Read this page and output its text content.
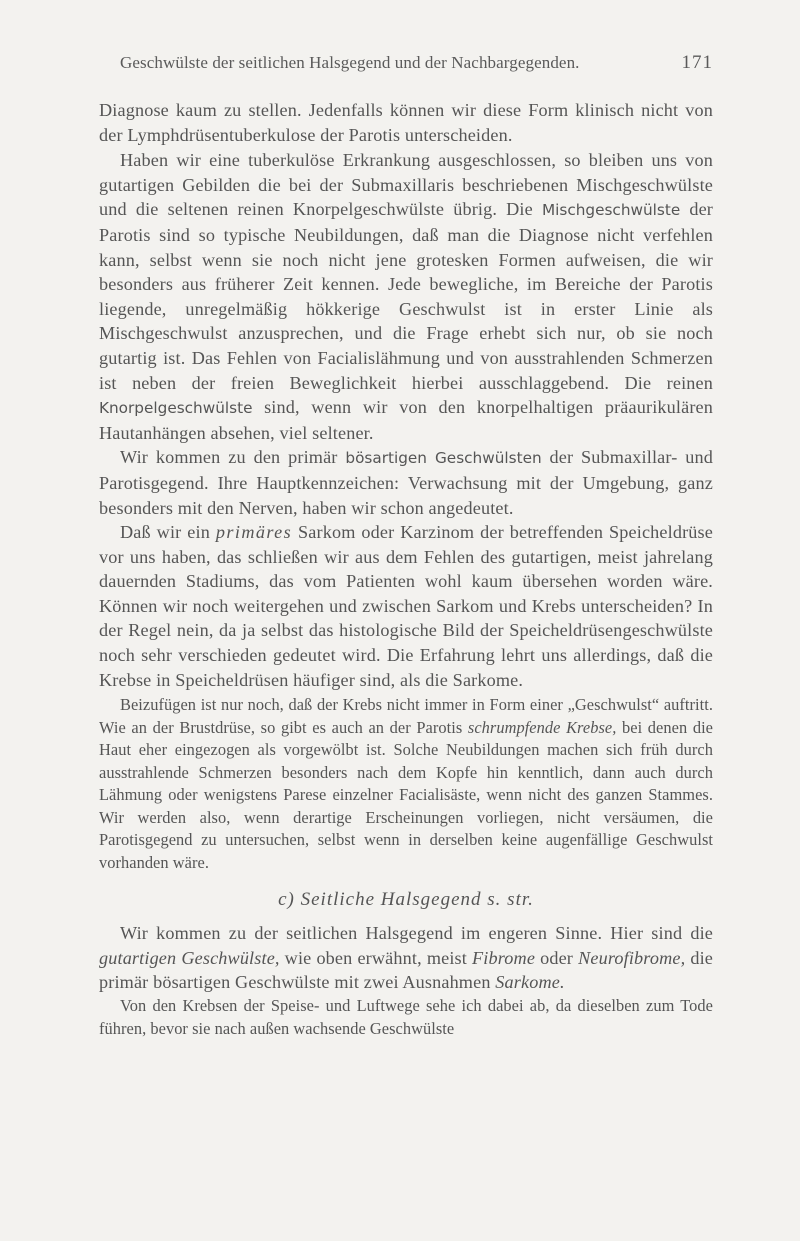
Geschwülste der seitlichen Halsgegend und der Nachbargegenden.	171

Diagnose kaum zu stellen. Jedenfalls können wir diese Form klinisch nicht von der Lymphdrüsentuberkulose der Parotis unterscheiden.

Haben wir eine tuberkulöse Erkrankung ausgeschlossen, so bleiben uns von gutartigen Gebilden die bei der Submaxillaris beschriebenen Mischgeschwülste und die seltenen reinen Knorpelgeschwülste übrig. Die Mischgeschwülste der Parotis sind so typische Neubildungen, daß man die Diagnose nicht verfehlen kann, selbst wenn sie noch nicht jene grotesken Formen aufweisen, die wir besonders aus früherer Zeit kennen. Jede bewegliche, im Bereiche der Parotis liegende, unregelmäßig hökkerige Geschwulst ist in erster Linie als Mischgeschwulst anzusprechen, und die Frage erhebt sich nur, ob sie noch gutartig ist. Das Fehlen von Facialislähmung und von ausstrahlenden Schmerzen ist neben der freien Beweglichkeit hierbei ausschlaggebend. Die reinen Knorpelgeschwülste sind, wenn wir von den knorpelhaltigen präaurikulären Hautanhängen absehen, viel seltener.

Wir kommen zu den primär bösartigen Geschwülsten der Submaxillar- und Parotisgegend. Ihre Hauptkennzeichen: Verwachsung mit der Umgebung, ganz besonders mit den Nerven, haben wir schon angedeutet.

Daß wir ein primäres Sarkom oder Karzinom der betreffenden Speicheldrüse vor uns haben, das schließen wir aus dem Fehlen des gutartigen, meist jahrelang dauernden Stadiums, das vom Patienten wohl kaum übersehen worden wäre. Können wir noch weitergehen und zwischen Sarkom und Krebs unterscheiden? In der Regel nein, da ja selbst das histologische Bild der Speicheldrüsengeschwülste noch sehr verschieden gedeutet wird. Die Erfahrung lehrt uns allerdings, daß die Krebse in Speicheldrüsen häufiger sind, als die Sarkome.

Beizufügen ist nur noch, daß der Krebs nicht immer in Form einer „Geschwulst“ auftritt. Wie an der Brustdrüse, so gibt es auch an der Parotis schrumpfende Krebse, bei denen die Haut eher eingezogen als vorgewölbt ist. Solche Neubildungen machen sich früh durch ausstrahlende Schmerzen besonders nach dem Kopfe hin kenntlich, dann auch durch Lähmung oder wenigstens Parese einzelner Facialisäste, wenn nicht des ganzen Stammes. Wir werden also, wenn derartige Erscheinungen vorliegen, nicht versäumen, die Parotisgegend zu untersuchen, selbst wenn in derselben keine augenfällige Geschwulst vorhanden wäre.

c) Seitliche Halsgegend s. str.

Wir kommen zu der seitlichen Halsgegend im engeren Sinne. Hier sind die gutartigen Geschwülste, wie oben erwähnt, meist Fibrome oder Neurofibrome, die primär bösartigen Geschwülste mit zwei Ausnahmen Sarkome.

Von den Krebsen der Speise- und Luftwege sehe ich dabei ab, da dieselben zum Tode führen, bevor sie nach außen wachsende Geschwülste
